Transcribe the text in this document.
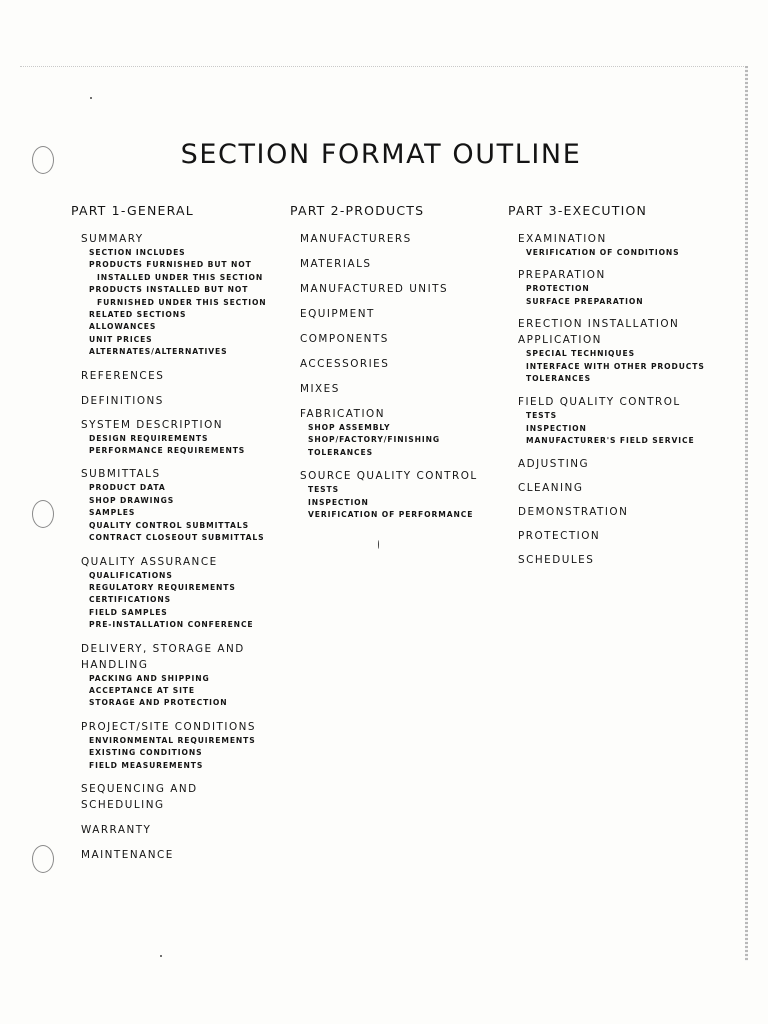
SECTION FORMAT OUTLINE
PART 1-GENERAL
SUMMARY
SECTION INCLUDES
PRODUCTS FURNISHED BUT NOT
INSTALLED UNDER THIS SECTION
PRODUCTS INSTALLED BUT NOT
FURNISHED UNDER THIS SECTION
RELATED SECTIONS
ALLOWANCES
UNIT PRICES
ALTERNATES/ALTERNATIVES
REFERENCES
DEFINITIONS
SYSTEM DESCRIPTION
DESIGN REQUIREMENTS
PERFORMANCE REQUIREMENTS
SUBMITTALS
PRODUCT DATA
SHOP DRAWINGS
SAMPLES
QUALITY CONTROL SUBMITTALS
CONTRACT CLOSEOUT SUBMITTALS
QUALITY ASSURANCE
QUALIFICATIONS
REGULATORY REQUIREMENTS
CERTIFICATIONS
FIELD SAMPLES
PRE-INSTALLATION CONFERENCE
DELIVERY, STORAGE AND
HANDLING
PACKING AND SHIPPING
ACCEPTANCE AT SITE
STORAGE AND PROTECTION
PROJECT/SITE CONDITIONS
ENVIRONMENTAL REQUIREMENTS
EXISTING CONDITIONS
FIELD MEASUREMENTS
SEQUENCING AND
SCHEDULING
WARRANTY
MAINTENANCE
PART 2-PRODUCTS
MANUFACTURERS
MATERIALS
MANUFACTURED UNITS
EQUIPMENT
COMPONENTS
ACCESSORIES
MIXES
FABRICATION
SHOP ASSEMBLY
SHOP/FACTORY/FINISHING
TOLERANCES
SOURCE QUALITY CONTROL
TESTS
INSPECTION
VERIFICATION OF PERFORMANCE
PART 3-EXECUTION
EXAMINATION
VERIFICATION OF CONDITIONS
PREPARATION
PROTECTION
SURFACE PREPARATION
ERECTION INSTALLATION
APPLICATION
SPECIAL TECHNIQUES
INTERFACE WITH OTHER PRODUCTS
TOLERANCES
FIELD QUALITY CONTROL
TESTS
INSPECTION
MANUFACTURER'S FIELD SERVICE
ADJUSTING
CLEANING
DEMONSTRATION
PROTECTION
SCHEDULES
